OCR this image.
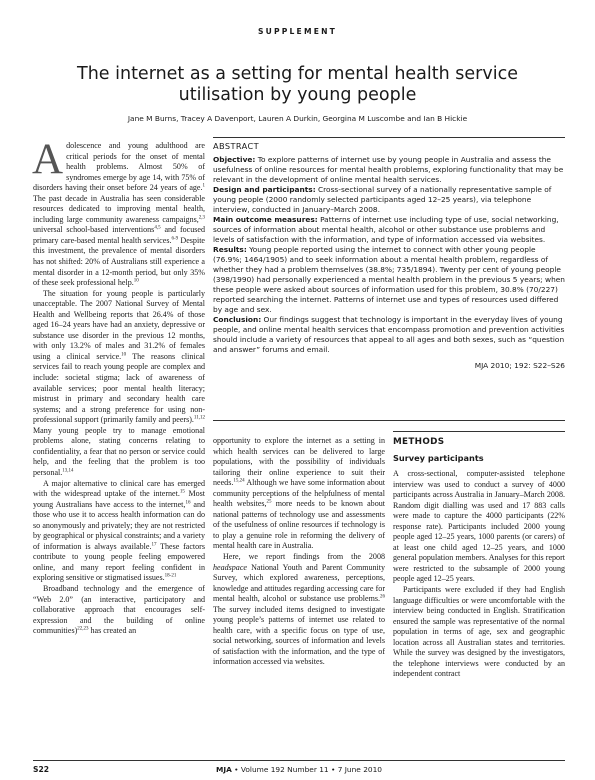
SUPPLEMENT
The internet as a setting for mental health service utilisation by young people
Jane M Burns, Tracey A Davenport, Lauren A Durkin, Georgina M Luscombe and Ian B Hickie

Adolescence and young adulthood are critical periods for the onset of mental health problems. Almost 50% of syndromes emerge by age 14, with 75% of disorders having their onset before 24 years of age.$^1$ The past decade in Australia has seen considerable resources dedicated to improving mental health, including large community awareness campaigns,$^{2,3}$ universal school-based interventions$^{4,5}$ and focused primary care-based mental health services.$^{6-9}$ Despite this investment, the prevalence of mental disorders has not shifted: 20% of Australians still experience a mental disorder in a 12-month period, but only 35% of these seek professional help.$^{10}$

The situation for young people is particularly unacceptable. The 2007 National Survey of Mental Health and Wellbeing reports that 26.4% of those aged 16–24 years have had an anxiety, depressive or substance use disorder in the previous 12 months, with only 13.2% of males and 31.2% of females using a clinical service.$^{10}$ The reasons clinical services fail to reach young people are complex and include: societal stigma; lack of awareness of available services; poor mental health literacy; mistrust in primary and secondary health care systems; and a strong preference for using non-professional support (primarily family and peers).$^{11,12}$ Many young people try to manage emotional problems alone, stating concerns relating to confidentiality, a fear that no person or service could help, and the feeling that the problem is too personal.$^{13,14}$

A major alternative to clinical care has emerged with the widespread uptake of the internet.$^{15}$ Most young Australians have access to the internet,$^{16}$ and those who use it to access health information can do so anonymously and privately; they are not restricted by geographical or physical constraints; and a variety of information is always available.$^{17}$ These factors contribute to young people feeling empowered online, and many report feeling confident in exploring sensitive or stigmatised issues.$^{18-21}$

Broadband technology and the emergence of “Web 2.0” (an interactive, participatory and collaborative approach that encourages self-expression and the building of online communities)$^{22,23}$ has created an

ABSTRACT

Objective: To explore patterns of internet use by young people in Australia and assess the usefulness of online resources for mental health problems, exploring functionality that may be relevant in the development of online mental health services.

Design and participants: Cross-sectional survey of a nationally representative sample of young people (2000 randomly selected participants aged 12–25 years), via telephone interview, conducted in January–March 2008.

Main outcome measures: Patterns of internet use including type of use, social networking, sources of information about mental health, alcohol or other substance use problems and levels of satisfaction with the information, and type of information accessed via websites.

Results: Young people reported using the internet to connect with other young people (76.9%; 1464/1905) and to seek information about a mental health problem, regardless of whether they had a problem themselves (38.8%; 735/1894). Twenty per cent of young people (398/1990) had personally experienced a mental health problem in the previous 5 years; when these people were asked about sources of information used for this problem, 30.8% (70/227) reported searching the internet. Patterns of internet use and types of resources used differed by age and sex.

Conclusion: Our findings suggest that technology is important in the everyday lives of young people, and online mental health services that encompass promotion and prevention activities should include a variety of resources that appeal to all ages and both sexes, such as “question and answer” forums and email.

MJA 2010; 192: S22–S26

opportunity to explore the internet as a setting in which health services can be delivered to large populations, with the possibility of individuals tailoring their online experience to suit their needs.$^{15,24}$ Although we have some information about community perceptions of the helpfulness of mental health websites,$^{25}$ more needs to be known about national patterns of technology use and assessments of the usefulness of online resources if technology is to play a genuine role in reforming the delivery of mental health care in Australia.

Here, we report findings from the 2008 headspace National Youth and Parent Community Survey, which explored awareness, perceptions, knowledge and attitudes regarding accessing care for mental health, alcohol or substance use problems.$^{26}$ The survey included items designed to investigate young people’s patterns of internet use related to health care, with a specific focus on type of use, social networking, sources of information and levels of satisfaction with the information, and the type of information accessed via websites.

METHODS
Survey participants

A cross-sectional, computer-assisted telephone interview was used to conduct a survey of 4000 participants across Australia in January–March 2008. Random digit dialling was used and 17 883 calls were made to capture the 4000 participants (22% response rate). Participants included 2000 young people aged 12–25 years, 1000 parents (or carers) of at least one child aged 12–25 years, and 1000 general population members. Analyses for this report were restricted to the subsample of 2000 young people aged 12–25 years.

Participants were excluded if they had English language difficulties or were uncomfortable with the interview being conducted in English. Stratification ensured the sample was representative of the normal population in terms of age, sex and geographic location across all Australian states and territories. While the survey was designed by the investigators, the telephone interviews were conducted by an independent contract

S22	MJA • Volume 192 Number 11 • 7 June 2010
